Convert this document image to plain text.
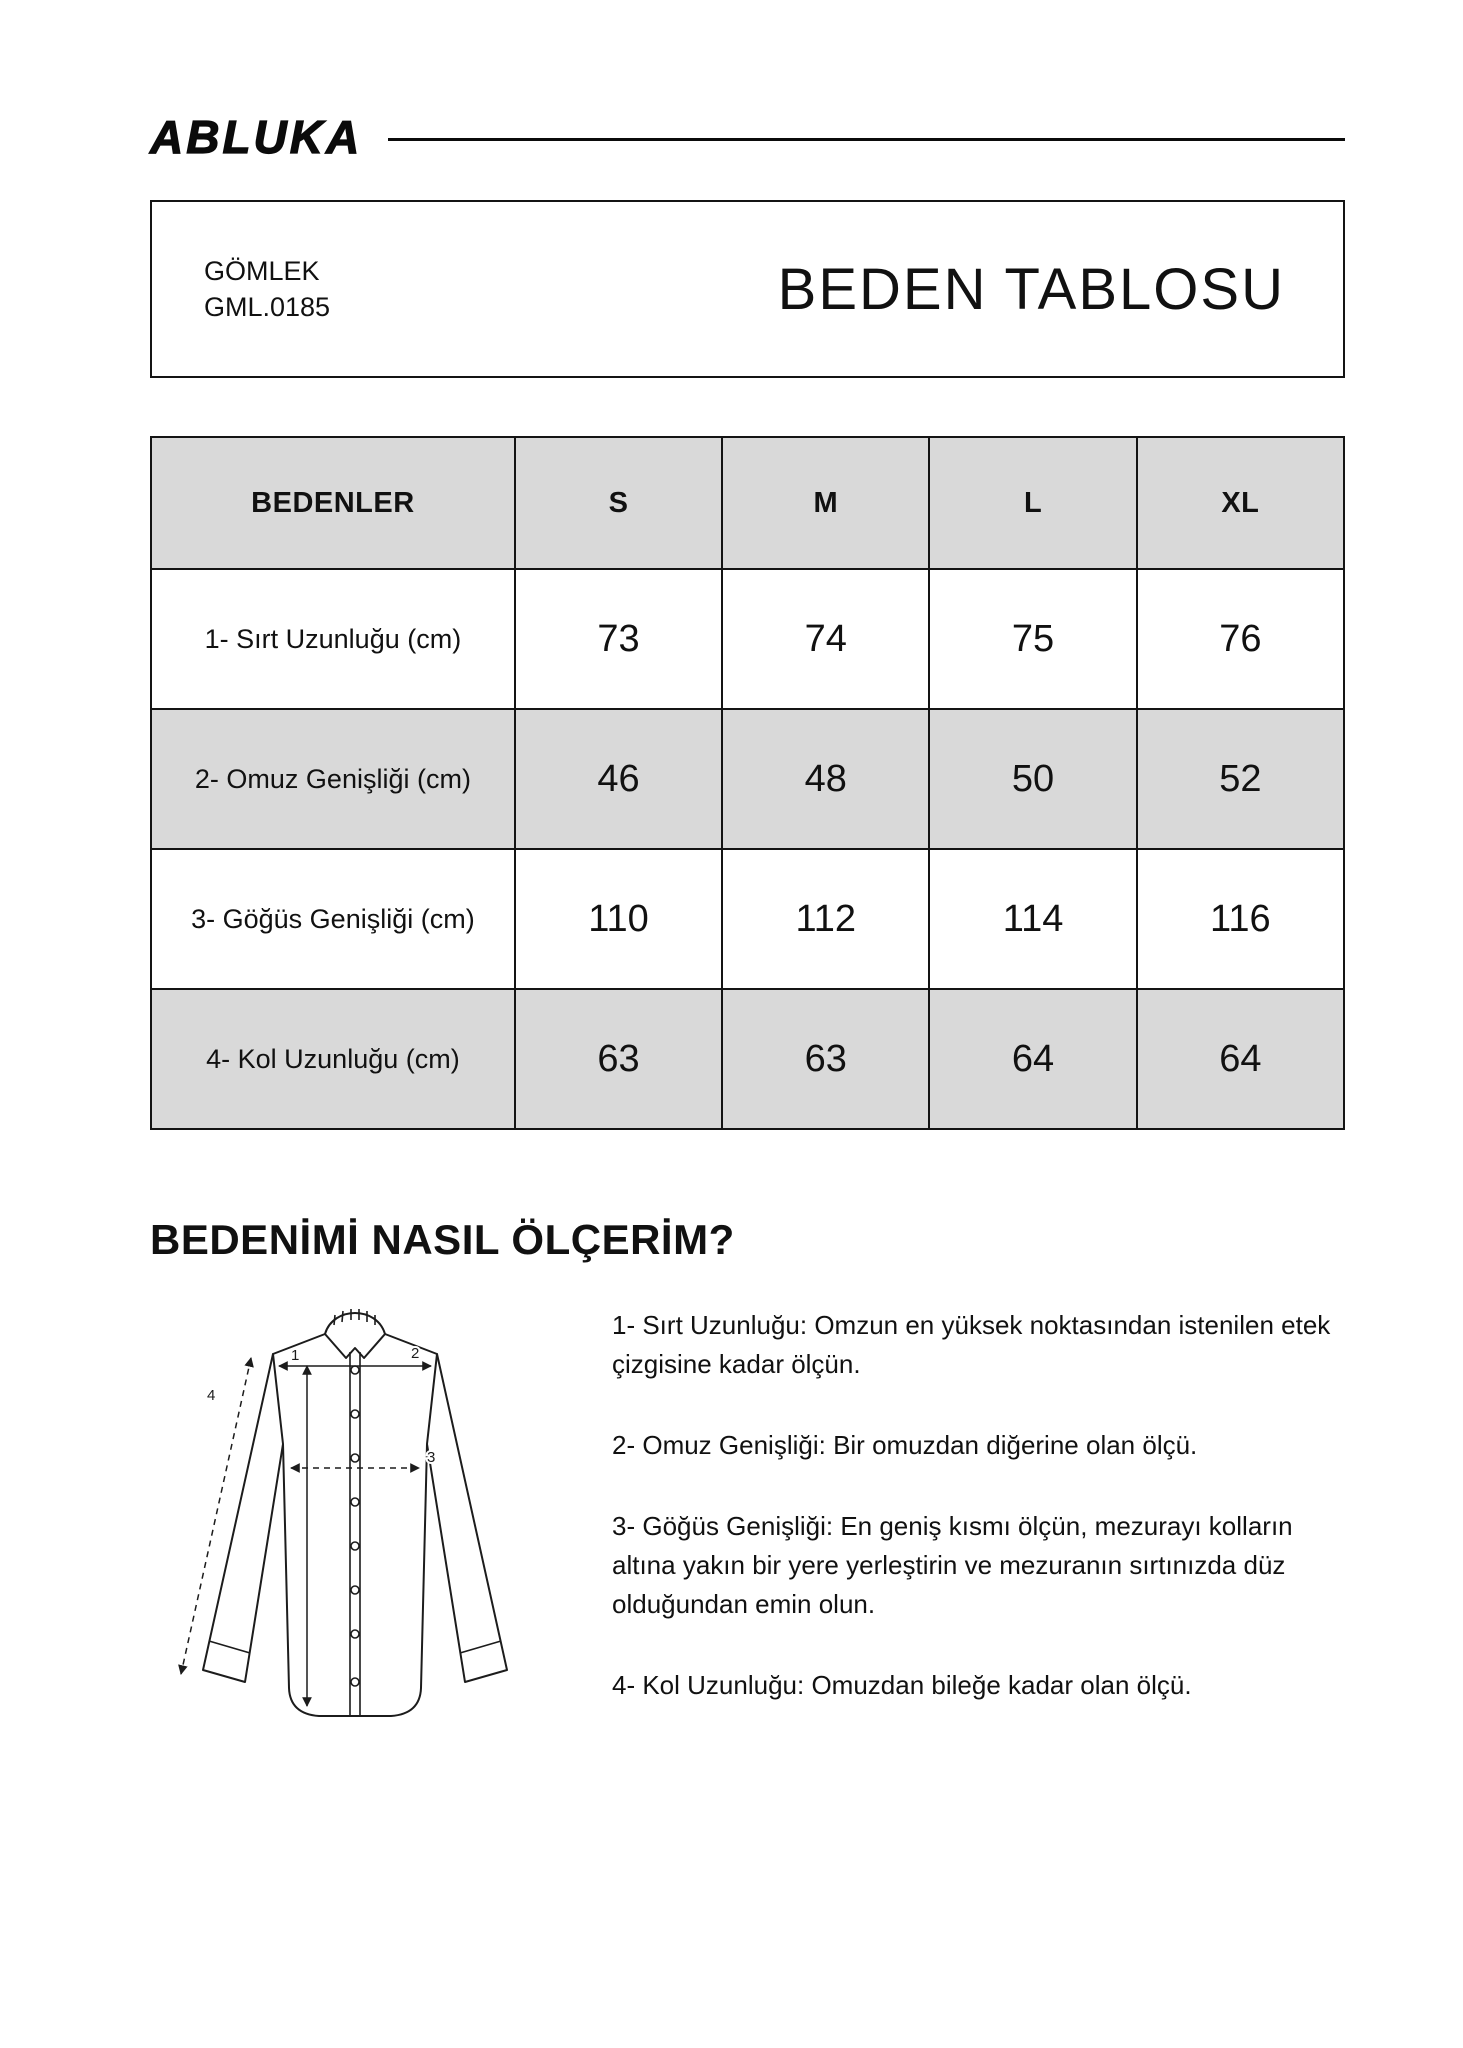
ABLUKA
GÖMLEK
GML.0185	BEDEN TABLOSU
BEDENLER	S	M	L	XL
1- Sırt Uzunluğu (cm)	73	74	75	76
2- Omuz Genişliği (cm)	46	48	50	52
3- Göğüs Genişliği (cm)	110	112	114	116
4- Kol Uzunluğu (cm)	63	63	64	64
BEDENİMİ NASIL ÖLÇERİM?
1	2
3
4

1- Sırt Uzunluğu: Omzun en yüksek noktasından istenilen etek çizgisine kadar ölçün.

2- Omuz Genişliği: Bir omuzdan diğerine olan ölçü.

3- Göğüs Genişliği: En geniş kısmı ölçün, mezurayı kolların altına yakın bir yere yerleştirin ve mezuranın sırtınızda düz olduğundan emin olun.

4- Kol Uzunluğu: Omuzdan bileğe kadar olan ölçü.
